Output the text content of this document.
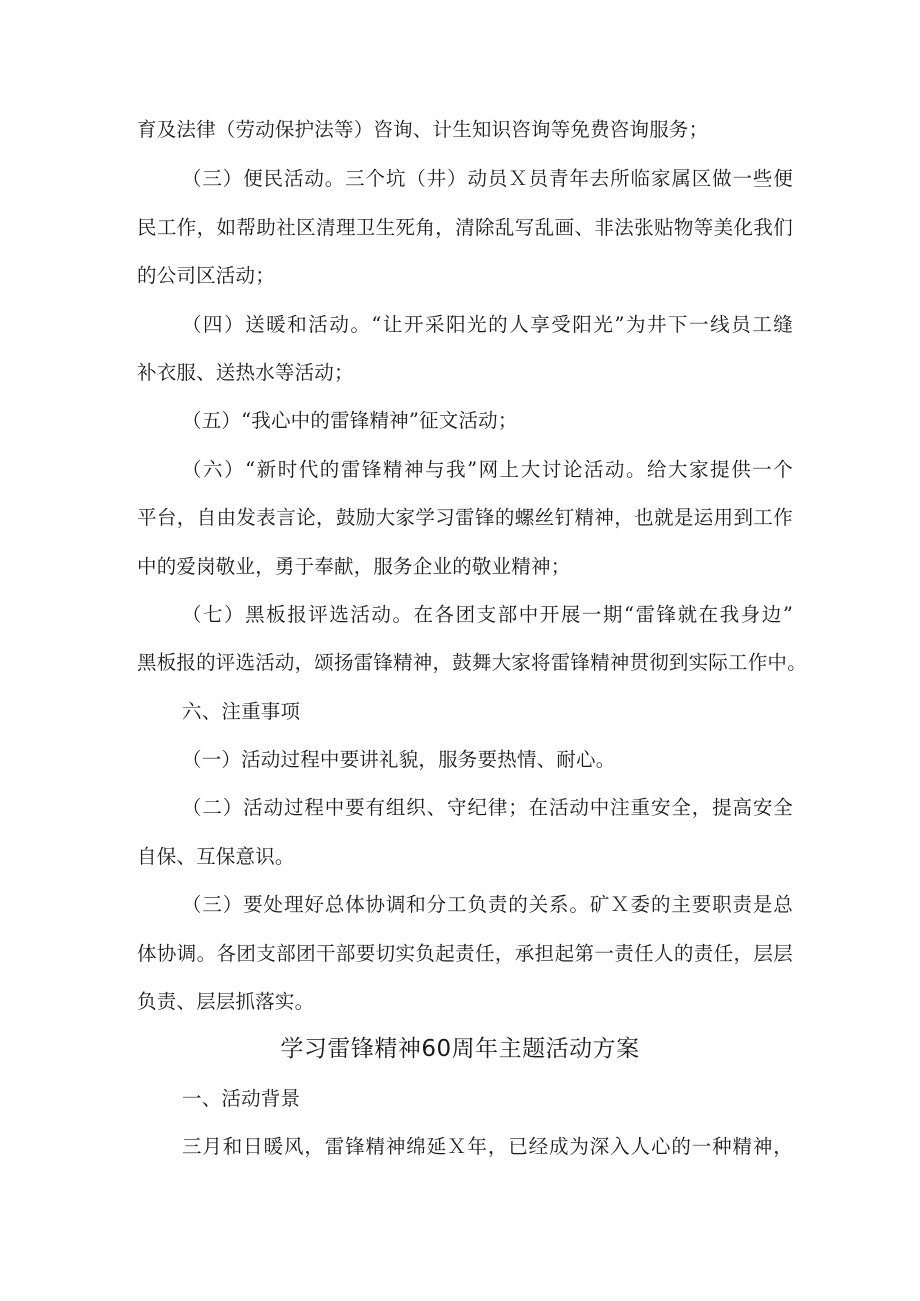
育及法律（劳动保护法等）咨询、计生知识咨询等免费咨询服务；
（三）便民活动。三个坑（井）动员Ｘ员青年去所临家属区做一些便
民工作，如帮助社区清理卫生死角，清除乱写乱画、非法张贴物等美化我们
的公司区活动；
（四）送暖和活动。“让开采阳光的人享受阳光”为井下一线员工缝
补衣服、送热水等活动；
（五）“我心中的雷锋精神”征文活动；
（六）“新时代的雷锋精神与我”网上大讨论活动。给大家提供一个
平台，自由发表言论，鼓励大家学习雷锋的螺丝钉精神，也就是运用到工作
中的爱岗敬业，勇于奉献，服务企业的敬业精神；
（七）黑板报评选活动。在各团支部中开展一期“雷锋就在我身边”
黑板报的评选活动，颂扬雷锋精神，鼓舞大家将雷锋精神贯彻到实际工作中。
六、注重事项
（一）活动过程中要讲礼貌，服务要热情、耐心。
（二）活动过程中要有组织、守纪律；在活动中注重安全，提高安全
自保、互保意识。
（三）要处理好总体协调和分工负责的关系。矿Ｘ委的主要职责是总
体协调。各团支部团干部要切实负起责任，承担起第一责任人的责任，层层
负责、层层抓落实。
学习雷锋精神60周年主题活动方案
一、活动背景
三月和日暖风，雷锋精神绵延Ｘ年，已经成为深入人心的一种精神，
